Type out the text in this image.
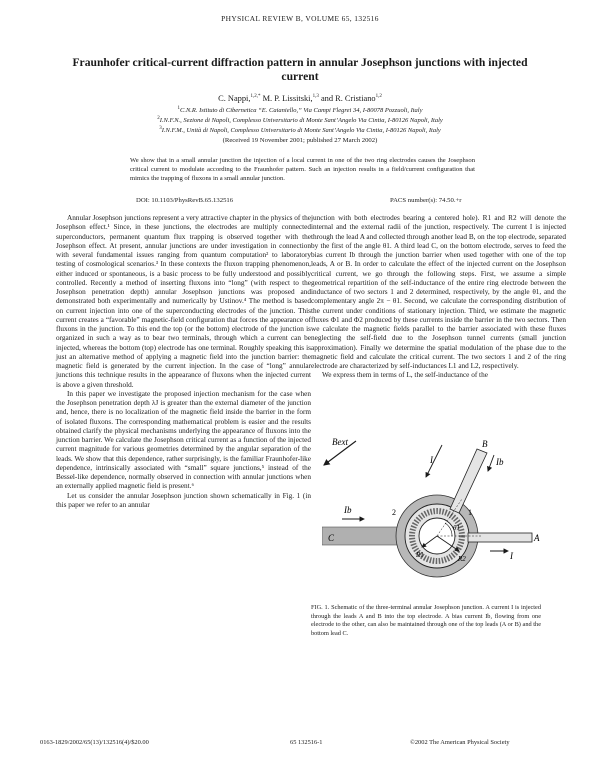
PHYSICAL REVIEW B, VOLUME 65, 132516
Fraunhofer critical-current diffraction pattern in annular Josephson junctions with injected current
C. Nappi,$^{1,2,*}$ M. P. Lissitski,$^{1,3}$ and R. Cristiano$^{1,2}$
$^1$C.N.R. Istituto di Cibernetica “E. Caianiello,” Via Campi Flegrei 34, I-80078 Pozzuoli, Italy
$^2$I.N.F.N., Sezione di Napoli, Complesso Universitario di Monte Sant’Angelo Via Cintia, I-80126 Napoli, Italy
$^3$I.N.F.M., Unità di Napoli, Complesso Universitario di Monte Sant’Angelo Via Cintia, I-80126 Napoli, Italy
(Received 19 November 2001; published 27 March 2002)
We show that in a small annular junction the injection of a local current in one of the two ring electrodes causes the Josephson critical current to modulate according to the Fraunhofer pattern. Such an injection results in a field/current configuration that mimics the trapping of fluxons in a small annular junction.
DOI: 10.1103/PhysRevB.65.132516	PACS number(s): 74.50.+r

Annular Josephson junctions represent a very attractive chapter in the physics of the Josephson effect.¹ Since, in these junctions, the electrodes are multiply connected superconductors, permanent quantum flux trapping is observed together with the Josephson effect. At present, annular junctions are under investigation in connection with several fundamental issues ranging from quantum computation² to laboratory testing of cosmological scenarios.³ In these contexts the fluxon trapping phenomenon, either induced or spontaneous, is a basic process to be fully understood and possibly controlled. Recently a method of inserting fluxons into “long” (with respect to the Josephson penetration depth) annular Josephson junctions was proposed and demonstrated both experimentally and numerically by Ustinov.⁴ The method is based on current injection into one of the superconducting electrodes of the junction. This current creates a “favorable” magnetic-field configuration that forces the appearance of fluxons in the junction. To this end the top (or the bottom) electrode of the junction is organized in such a way as to bear two terminals, through which a current can be injected, whereas the bottom (top) electrode has one terminal. Roughly speaking this is just an alternative method of applying a magnetic field into the junction barrier: the magnetic field is generated by the current injection. In the case of “long” annular junctions this technique results in the appearance of fluxons when the injected current is above a given threshold.

In this paper we investigate the proposed injection mechanism for the case when the Josephson penetration depth λJ is greater than the external diameter of the junction and, hence, there is no localization of the magnetic field inside the barrier in the form of isolated fluxons. The corresponding mathematical problem is easier and the results obtained clarify the physical mechanisms underlying the appearance of fluxons into the junction barrier. We calculate the Josephson critical current as a function of the injected current magnitude for various geometries determined by the angular separation of the leads. We show that this dependence, rather surprisingly, is the familiar Fraunhofer-like dependence, intrinsically associated with “small” square junctions,⁵ instead of the Bessel-like dependence, normally observed in connection with annular junctions when an externally applied magnetic field is present.⁶

Let us consider the annular Josephson junction shown schematically in Fig. 1 (in this paper we refer to an annular

junction with both electrodes bearing a centered hole). R1 and R2 will denote the internal and the external radii of the junction, respectively. The current I is injected through the lead A and collected through another lead B, on the top electrode, separated by the first of the angle θ1. A third lead C, on the bottom electrode, serves to feed the bias current Ib through the junction barrier when used together with one of the top leads, A or B. In order to calculate the effect of the injected current on the Josephson critical current, we go through the following steps. First, we assume a simple geometrical repartition of the self-inductance of the entire ring electrode between the inductance of two sectors 1 and 2 determined, respectively, by the angle θ1, and the complementary angle 2π − θ1. Second, we calculate the corresponding distribution of the current under conditions of stationary injection. Third, we estimate the magnetic fluxes Φ1 and Φ2 produced by these currents inside the barrier in the two sectors. Then we calculate the magnetic fields parallel to the barrier associated with these fluxes neglecting the self-field due to the Josephson tunnel currents (small junction approximation). Finally we determine the spatial modulation of the phase due to the magnetic field and calculate the critical current. The two sectors 1 and 2 of the ring electrode are characterized by self-inductances L1 and L2, respectively.

We express them in terms of L, the self-inductance of the

Bext
I	Ib
B
A
θ1
R1	R2
C
Ib
I
1
2
FIG. 1. Schematic of the three-terminal annular Josephson junction. A current I is injected through the leads A and B into the top electrode. A bias current Ib, flowing from one electrode to the other, can also be maintained through one of the top leads (A or B) and the bottom lead C.
0163-1829/2002/65(13)/132516(4)/$20.00	65 132516-1	©2002 The American Physical Society
